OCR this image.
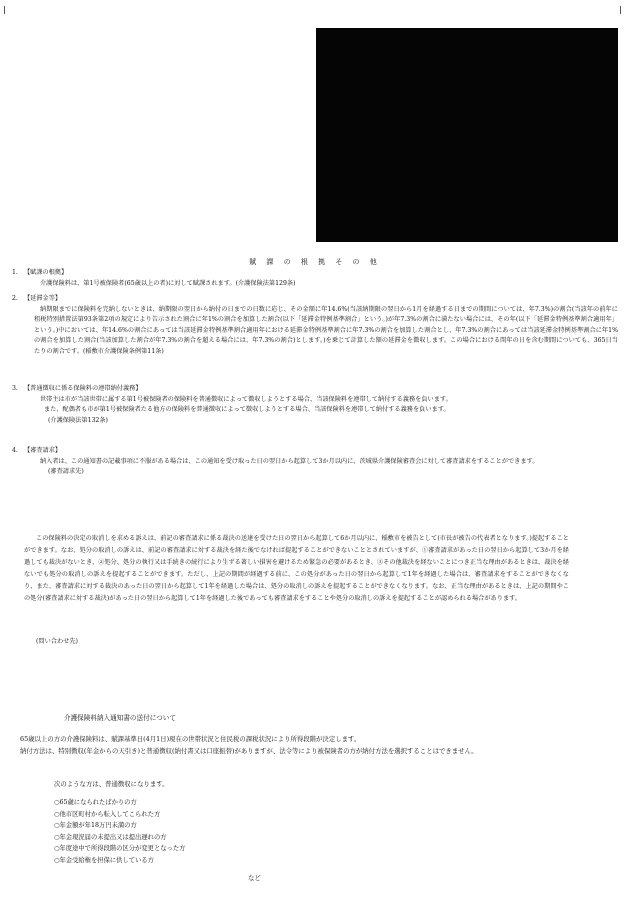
賦 課 の 根 拠 そ の 他
1. 【賦課の根拠】
介護保険料は、第1号被保険者(65歳以上の者)に対して賦課されます。(介護保険法第129条)
2. 【延滞金等】
納期限までに保険料を完納しないときは、納期限の翌日から納付の日までの日数に応じ、その金額に年14.6%(当該納期限の翌日から1月を経過する日までの期間については、年7.3%)の割合(当該年の前年に租税特別措置法第93条第2項の規定により告示された割合に年1%の割合を加算した割合(以下「延滞金特例基準割合」という。)が年7.3%の割合に満たない場合には、その年(以下「延滞金特例基準割合適用年」という。)中においては、年14.6%の割合にあっては当該延滞金特例基準割合適用年における延滞金特例基準割合に年7.3%の割合を加算した割合とし、年7.3%の割合にあっては当該延滞金特例基準割合に年1%の割合を加算した割合(当該加算した割合が年7.3%の割合を超える場合には、年7.3%の割合)とします。)を乗じて計算した額の延滞金を徴収します。この場合における閏年の日を含む期間についても、365日当たりの割合です。(稲敷市介護保険条例第11条)
3. 【普通徴収に係る保険料の連帯納付義務】
世帯主は市が当該世帯に属する第1号被保険者の保険料を普通徴収によって徴収しようとする場合、当該保険料を連帯して納付する義務を負います。
また、配偶者も市が第1号被保険者たる他方の保険料を普通徴収によって徴収しようとする場合、当該保険料を連帯して納付する義務を負います。
(介護保険法第132条)
4. 【審査請求】
納入者は、この通知書の記載事項に不服がある場合は、この通知を受け取った日の翌日から起算して3か月以内に、茨城県介護保険審査会に対して審査請求をすることができます。
(審査請求先)
この保険料の決定の取消しを求める訴えは、前記の審査請求に係る裁決の送達を受けた日の翌日から起算して6か月以内に、稲敷市を被告として(市長が被告の代表者となります。)提起することができます。なお、処分の取消しの訴えは、前記の審査請求に対する裁決を経た後でなければ提起することができないこととされていますが、①審査請求があった日の翌日から起算して3か月を経過しても裁決がないとき、②処分、処分の執行又は手続きの続行により生ずる著しい損害を避けるため緊急の必要があるとき、③その他裁決を経ないことにつき正当な理由があるときは、裁決を経ないでも処分の取消しの訴えを提起することができます。ただし、上記の期間が経過する前に、この処分があった日の翌日から起算して1年を経過した場合は、審査請求をすることができなくなり、また、審査請求に対する裁決のあった日の翌日から起算して1年を経過した場合は、処分の取消しの訴えを提起することができなくなります。なお、正当な理由があるときは、上記の期間やこの処分(審査請求に対する裁決)があった日の翌日から起算して1年を経過した後であっても審査請求をすることや処分の取消しの訴えを提起することが認められる場合があります。
(問い合わせ先)
介護保険料納入通知書の送付について

65歳以上の方の介護保険料は、賦課基準日(4月1日)現在の世帯状況と住民税の課税状況により所得段階が決定します。

納付方法は、特別徴収(年金からの天引き)と普通徴収(納付書又は口座振替)がありますが、法令等により被保険者の方が納付方法を選択することはできません。

次のような方は、普通徴収になります。
○65歳になられたばかりの方
○他市区町村から転入してこられた方
○年金額が年18万円未満の方
○年金現況届の未提出又は提出遅れの方
○年度途中で所得段階の区分が変更となった方
○年金受給権を担保に供している方
など
